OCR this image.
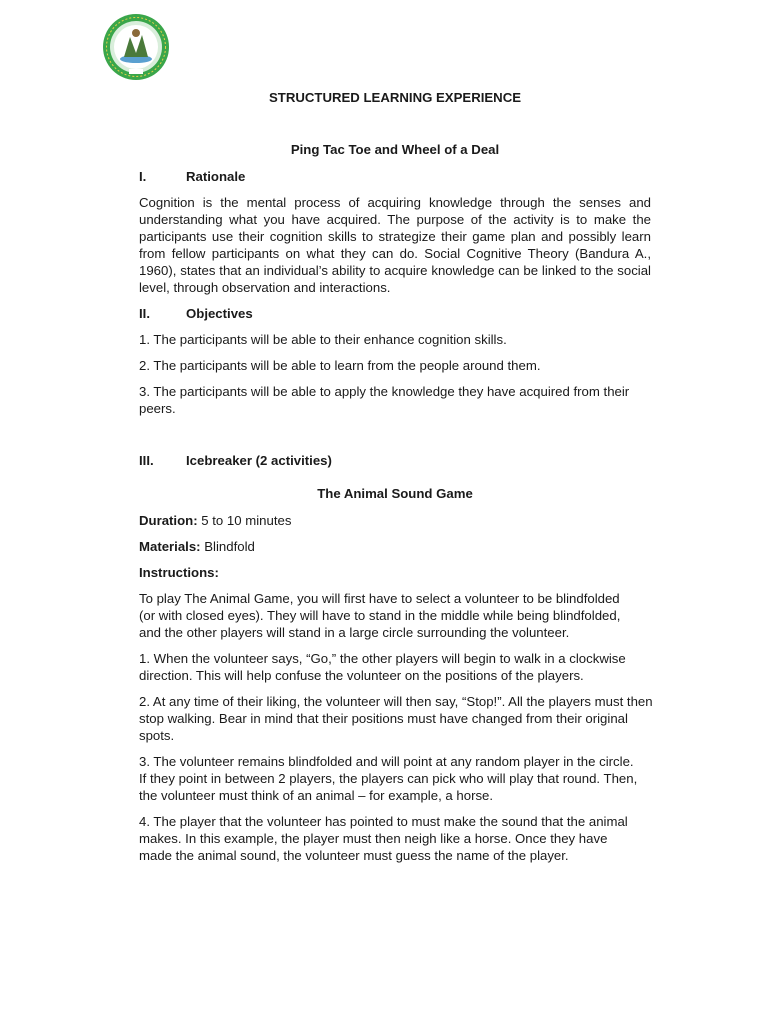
STRUCTURED LEARNING EXPERIENCE
Ping Tac Toe and Wheel of a Deal
I.	Rationale

Cognition is the mental process of acquiring knowledge through the senses and understanding what you have acquired. The purpose of the activity is to make the participants use their cognition skills to strategize their game plan and possibly learn from fellow participants on what they can do. Social Cognitive Theory (Bandura A., 1960), states that an individual’s ability to acquire knowledge can be linked to the social level, through observation and interactions.

II.	Objectives

1. The participants will be able to their enhance cognition skills.

2. The participants will be able to learn from the people around them.

3. The participants will be able to apply the knowledge they have acquired from their peers.

III.	Icebreaker (2 activities)
The Animal Sound Game

Duration: 5 to 10 minutes

Materials: Blindfold

Instructions:

To play The Animal Game, you will first have to select a volunteer to be blindfolded (or with closed eyes). They will have to stand in the middle while being blindfolded, and the other players will stand in a large circle surrounding the volunteer.

1. When the volunteer says, “Go,” the other players will begin to walk in a clockwise direction. This will help confuse the volunteer on the positions of the players.

2. At any time of their liking, the volunteer will then say, “Stop!”. All the players must then stop walking. Bear in mind that their positions must have changed from their original spots.

3. The volunteer remains blindfolded and will point at any random player in the circle. If they point in between 2 players, the players can pick who will play that round. Then, the volunteer must think of an animal – for example, a horse.

4. The player that the volunteer has pointed to must make the sound that the animal makes. In this example, the player must then neigh like a horse. Once they have made the animal sound, the volunteer must guess the name of the player.
